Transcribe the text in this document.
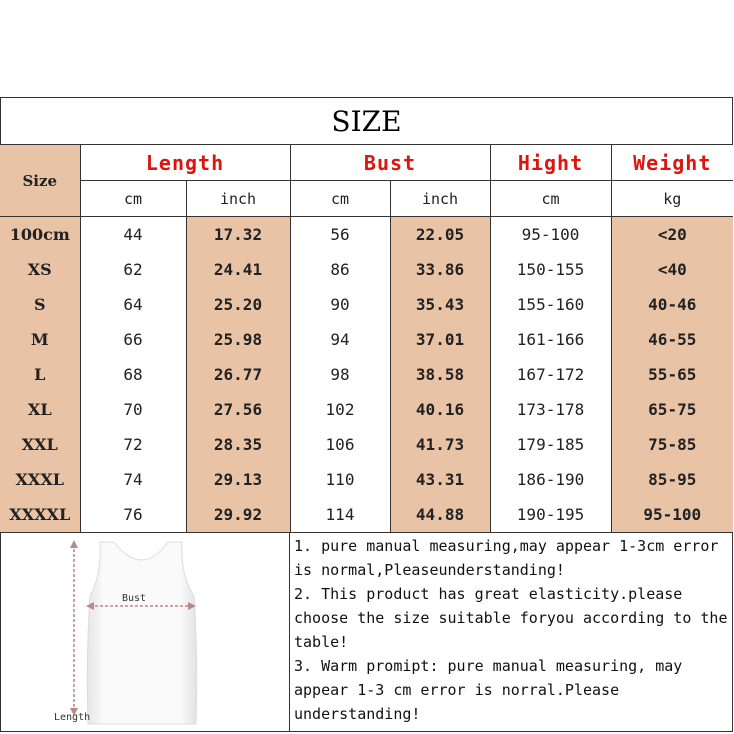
SIZE
Size	Length		Bust		Hight	Weight
	cm	inch	cm	inch	cm	kg
100cm	44	17.32	56	22.05	95-100	<20
XS	62	24.41	86	33.86	150-155	<40
S	64	25.20	90	35.43	155-160	40-46
M	66	25.98	94	37.01	161-166	46-55
L	68	26.77	98	38.58	167-172	55-65
XL	70	27.56	102	40.16	173-178	65-75
XXL	72	28.35	106	41.73	179-185	75-85
XXXL	74	29.13	110	43.31	186-190	85-95
XXXXL	76	29.92	114	44.88	190-195	95-100
Bust
Length

1. pure manual measuring,may appear 1-3cm error is normal,Pleaseunderstanding!

2. This product has great elasticity.please choose the size suitable foryou according to the table!

3. Warm promipt: pure manual measuring, may appear 1-3 cm error is norral.Please understanding!
